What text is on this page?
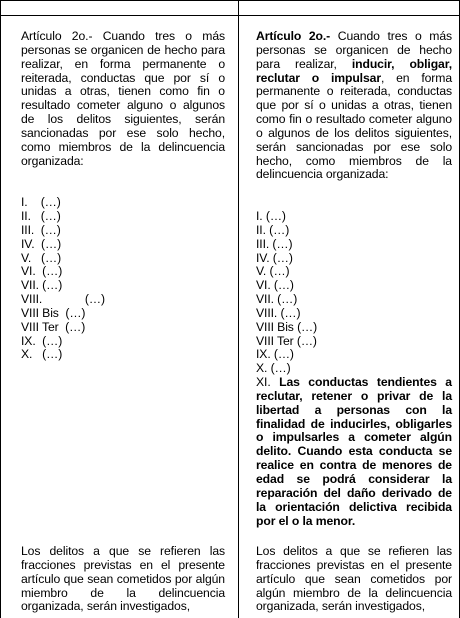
Artículo 2o.- Cuando tres o más personas se organicen de hecho para realizar, en forma permanente o reiterada, conductas que por sí o unidas a otras, tienen como fin o resultado cometer alguno o algunos de los delitos siguientes, serán sancionadas por ese solo hecho, como miembros de la delincuencia organizada:

I.    (…)
II.   (…)
III.  (…)
IV.  (…)
V.   (…)
VI.  (…)
VII. (…)
VIII.             (…)
VIII Bis  (…)
VIII Ter  (…)
IX.  (…)
X.   (…)

Los delitos a que se refieren las fracciones previstas en el presente artículo que sean cometidos por algún miembro de la delincuencia organizada, serán investigados,

Artículo 2o.- Cuando tres o más personas se organicen de hecho para realizar, inducir, obligar, reclutar o impulsar, en forma permanente o reiterada, conductas que por sí o unidas a otras, tienen como fin o resultado cometer alguno o algunos de los delitos siguientes, serán sancionadas por ese solo hecho, como miembros de la delincuencia organizada:

I. (…)
II. (…)
III. (…)
IV. (…)
V. (…)
VI. (…)
VII. (…)
VIII. (…)
VIII Bis (…)
VIII Ter (…)
IX. (…)
X. (…)

XI. Las conductas tendientes a reclutar, retener o privar de la libertad a personas con la finalidad de inducirles, obligarles o impulsarles a cometer algún delito. Cuando esta conducta se realice en contra de menores de edad se podrá considerar la reparación del daño derivado de la orientación delictiva recibida por el o la menor.

Los delitos a que se refieren las fracciones previstas en el presente artículo que sean cometidos por algún miembro de la delincuencia organizada, serán investigados,
